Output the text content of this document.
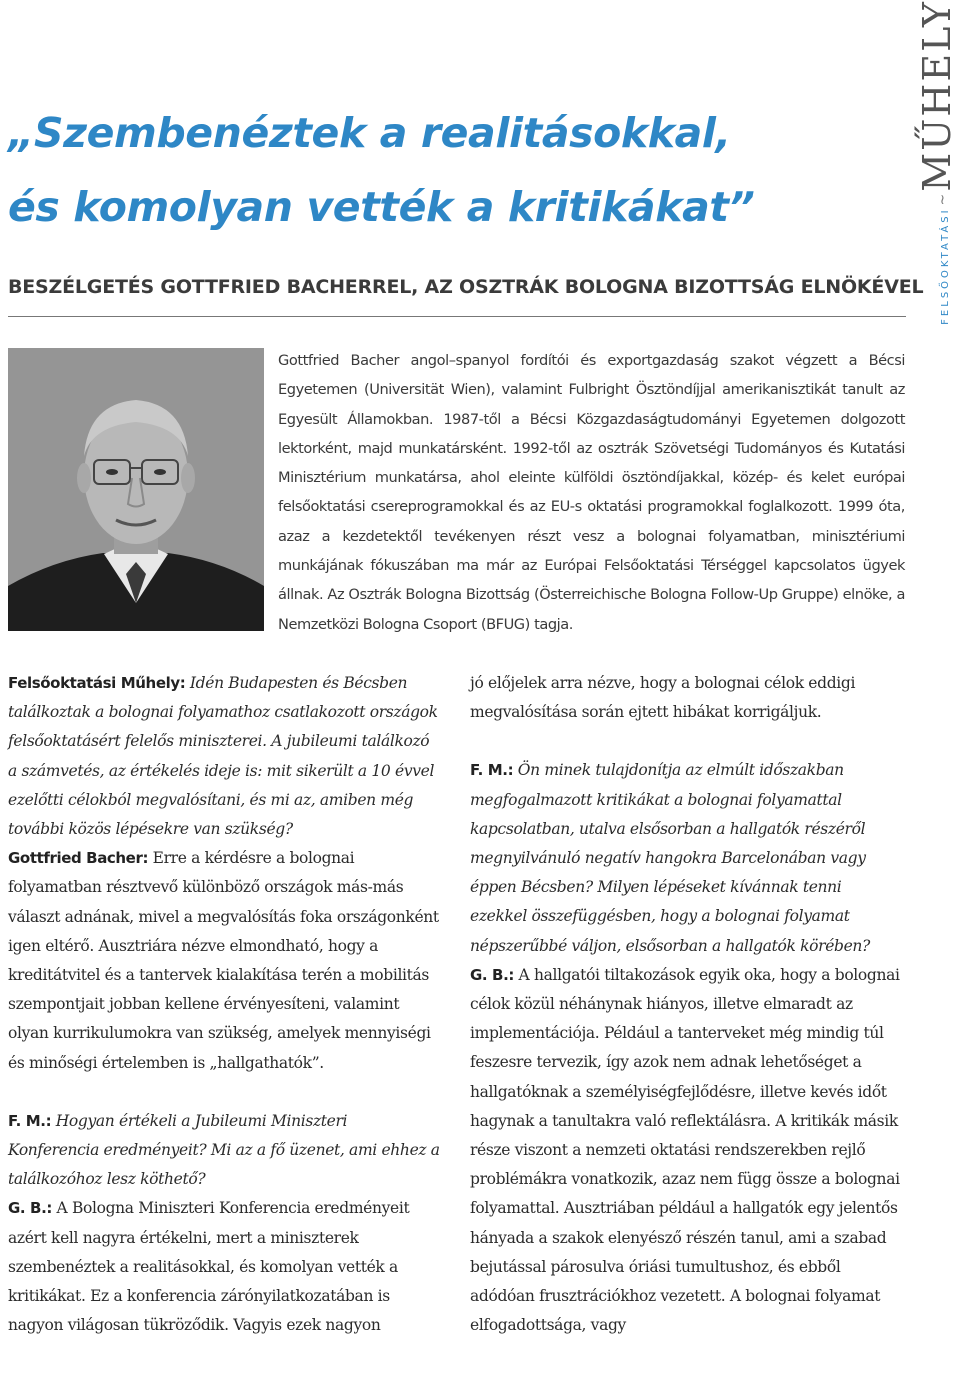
„Szembenéztek a realitásokkal,
és komolyan vették a kritikákat”
FELSŐOKTATÁSI
~
MŰHELY
BESZÉLGETÉS GOTTFRIED BACHERREL, AZ OSZTRÁK BOLOGNA BIZOTTSÁG ELNÖKÉVEL

Gottfried Bacher angol–spanyol fordítói és exportgazdaság szakot végzett a Bécsi Egyetemen (Universität Wien), valamint Fulbright Ösztöndíjjal amerikanisztikát tanult az Egyesült Államokban. 1987-től a Bécsi Közgazdaságtudományi Egyetemen dolgozott lektorként, majd munkatársként. 1992-től az osztrák Szövetségi Tudományos és Kutatási Minisztérium munkatársa, ahol eleinte külföldi ösztöndíjakkal, közép- és kelet európai felsőoktatási csereprogramokkal és az EU-s oktatási programokkal foglalkozott. 1999 óta, azaz a kezdetektől tevékenyen részt vesz a bolognai folyamatban, minisztériumi munkájának fókuszában ma már az Európai Felsőoktatási Térséggel kapcsolatos ügyek állnak. Az Osztrák Bologna Bizottság (Österreichische Bologna Follow-Up Gruppe) elnöke, a Nemzetközi Bologna Csoport (BFUG) tagja.

Felsőoktatási Műhely: Idén Budapesten és Bécsben találkoztak a bolognai folyamathoz csatlakozott országok felsőoktatásért felelős miniszterei. A jubileumi találkozó a számvetés, az értékelés ideje is: mit sikerült a 10 évvel ezelőtti célokból megvalósítani, és mi az, amiben még további közös lépésekre van szükség?

Gottfried Bacher: Erre a kérdésre a bolognai folyamatban résztvevő különböző országok más-más választ adnának, mivel a megvalósítás foka országonként igen eltérő. Ausztriára nézve elmondható, hogy a kreditátvitel és a tantervek kialakítása terén a mobilitás szempontjait jobban kellene érvényesíteni, valamint olyan kurrikulumokra van szükség, amelyek mennyiségi és minőségi értelemben is „hallgathatók”.

F. M.: Hogyan értékeli a Jubileumi Miniszteri Konferencia eredményeit? Mi az a fő üzenet, ami ehhez a találkozóhoz lesz köthető?

G. B.: A Bologna Miniszteri Konferencia eredményeit azért kell nagyra értékelni, mert a miniszterek szembenéztek a realitásokkal, és komolyan vették a kritikákat. Ez a konferencia zárónyilatkozatában is nagyon világosan tükröződik. Vagyis ezek nagyon

jó előjelek arra nézve, hogy a bolognai célok eddigi megvalósítása során ejtett hibákat korrigáljuk.

F. M.: Ön minek tulajdonítja az elmúlt időszakban megfogalmazott kritikákat a bolognai folyamattal kapcsolatban, utalva elsősorban a hallgatók részéről megnyilvánuló negatív hangokra Barcelonában vagy éppen Bécsben? Milyen lépéseket kívánnak tenni ezekkel összefüggésben, hogy a bolognai folyamat népszerűbbé váljon, elsősorban a hallgatók körében?

G. B.: A hallgatói tiltakozások egyik oka, hogy a bolognai célok közül néhánynak hiányos, illetve elmaradt az implementációja. Például a tanterveket még mindig túl feszesre tervezik, így azok nem adnak lehetőséget a hallgatóknak a személyiségfejlődésre, illetve kevés időt hagynak a tanultakra való reflektálásra. A kritikák másik része viszont a nemzeti oktatási rendszerekben rejlő problémákra vonatkozik, azaz nem függ össze a bolognai folyamattal. Ausztriában például a hallgatók egy jelentős hányada a szakok elenyésző részén tanul, ami a szabad bejutással párosulva óriási tumultushoz, és ebből adódóan frusztrációkhoz vezetett. A bolognai folyamat elfogadottsága, vagy
